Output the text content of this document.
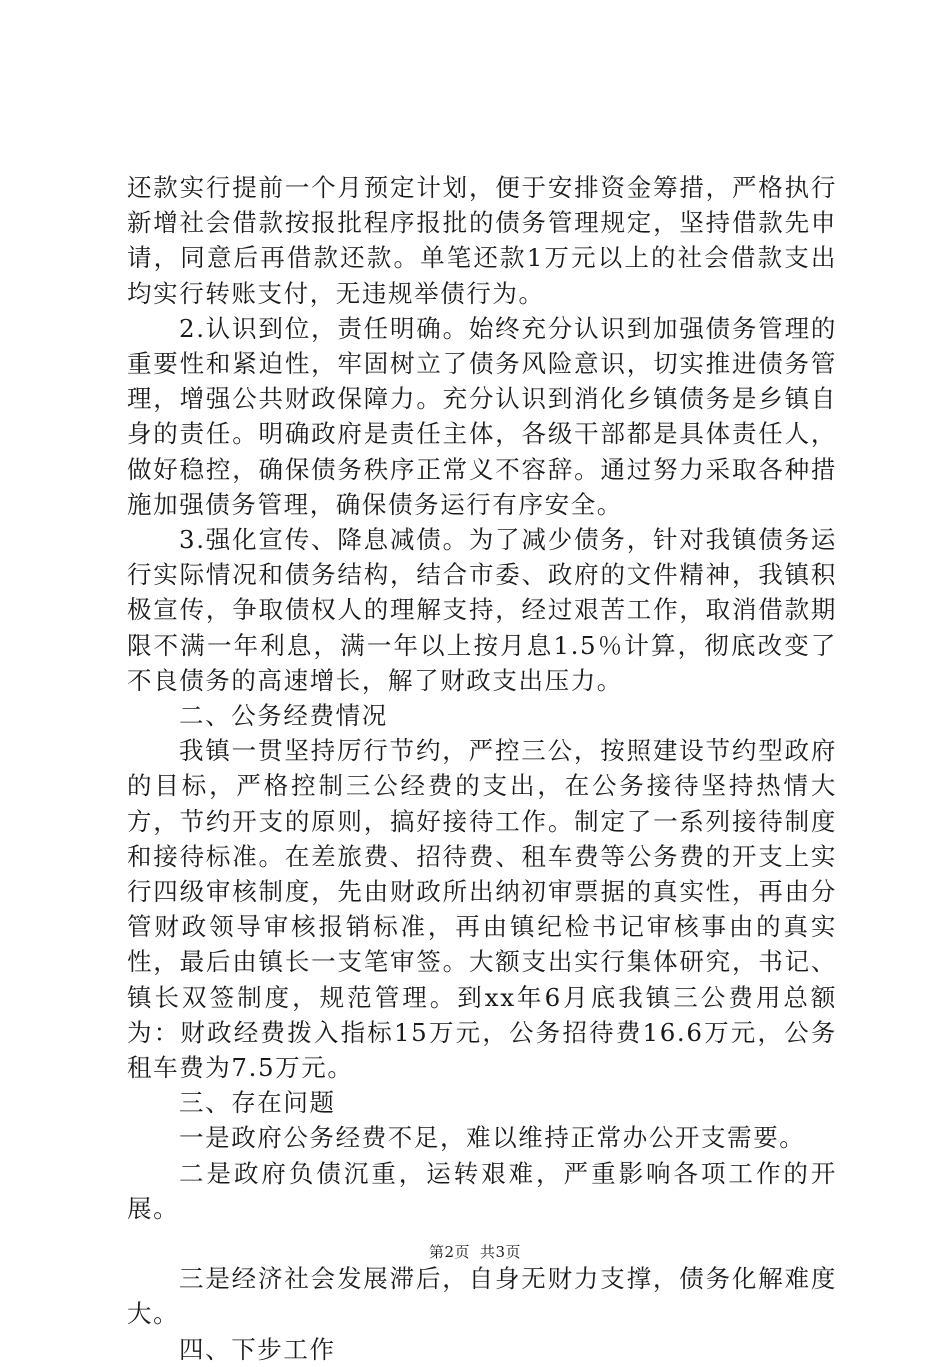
还款实行提前一个月预定计划，便于安排资金筹措，严格执行新增社会借款按报批程序报批的债务管理规定，坚持借款先申请，同意后再借款还款。单笔还款1万元以上的社会借款支出均实行转账支付，无违规举债行为。

2.认识到位，责任明确。始终充分认识到加强债务管理的重要性和紧迫性，牢固树立了债务风险意识，切实推进债务管理，增强公共财政保障力。充分认识到消化乡镇债务是乡镇自身的责任。明确政府是责任主体，各级干部都是具体责任人，做好稳控，确保债务秩序正常义不容辞。通过努力采取各种措施加强债务管理，确保债务运行有序安全。

3.强化宣传、降息减债。为了减少债务，针对我镇债务运行实际情况和债务结构，结合市委、政府的文件精神，我镇积极宣传，争取债权人的理解支持，经过艰苦工作，取消借款期限不满一年利息，满一年以上按月息1.5％计算，彻底改变了不良债务的高速增长，解了财政支出压力。

二、公务经费情况

我镇一贯坚持厉行节约，严控三公，按照建设节约型政府的目标，严格控制三公经费的支出，在公务接待坚持热情大方，节约开支的原则，搞好接待工作。制定了一系列接待制度和接待标准。在差旅费、招待费、租车费等公务费的开支上实行四级审核制度，先由财政所出纳初审票据的真实性，再由分管财政领导审核报销标准，再由镇纪检书记审核事由的真实性，最后由镇长一支笔审签。大额支出实行集体研究，书记、镇长双签制度，规范管理。到xx年6月底我镇三公费用总额为：财政经费拨入指标15万元，公务招待费16.6万元，公务租车费为7.5万元。

三、存在问题

一是政府公务经费不足，难以维持正常办公开支需要。

二是政府负债沉重，运转艰难，严重影响各项工作的开展。

三是经济社会发展滞后，自身无财力支撑，债务化解难度大。

四、下步工作

第2页 共3页
